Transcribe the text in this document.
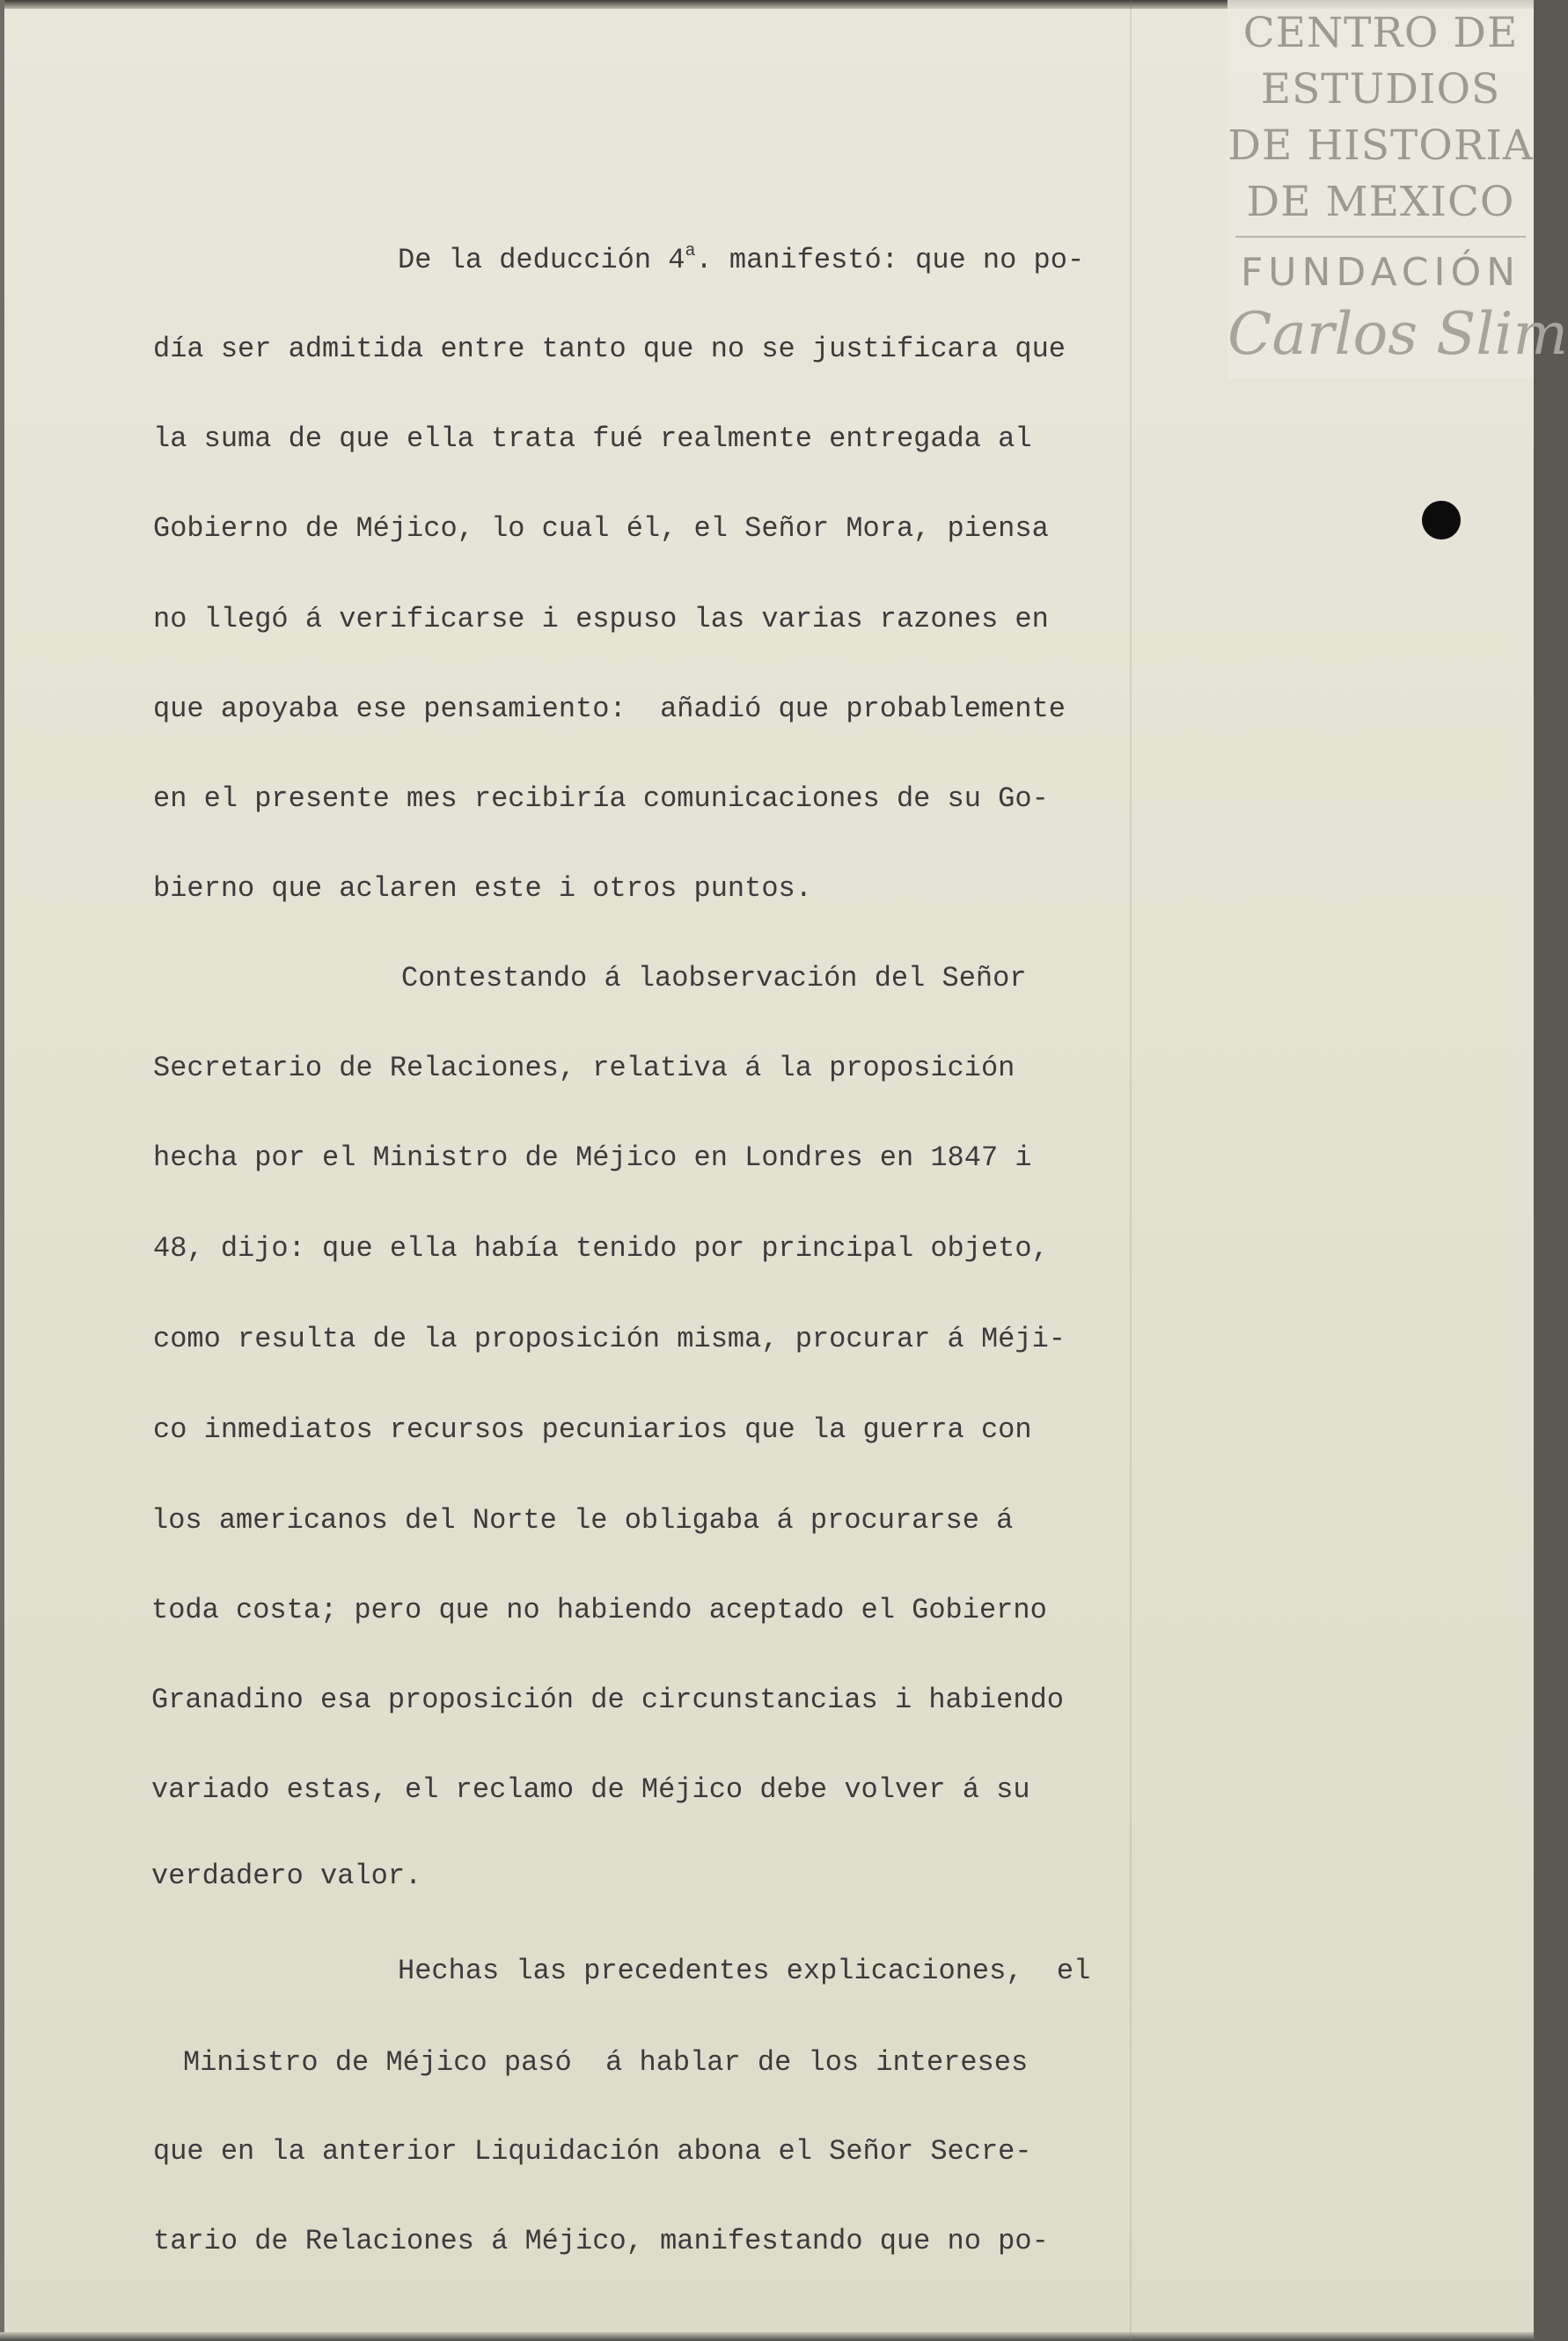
CENTRO DE
ESTUDIOS
DE HISTORIA
DE MEXICO
FUNDACIÓN
Carlos Slim

De la deducción 4$^a$. manifestó: que no po-

día ser admitida entre tanto que no se justificara que

la suma de que ella trata fué realmente entregada al

Gobierno de Méjico, lo cual él, el Señor Mora, piensa

no llegó á verificarse i espuso las varias razones en

que apoyaba ese pensamiento:  añadió que probablemente

en el presente mes recibiría comunicaciones de su Go-

bierno que aclaren este i otros puntos.

Contestando á laobservación del Señor

Secretario de Relaciones, relativa á la proposición

hecha por el Ministro de Méjico en Londres en 1847 i

48, dijo: que ella había tenido por principal objeto,

como resulta de la proposición misma, procurar á Méji-

co inmediatos recursos pecuniarios que la guerra con

los americanos del Norte le obligaba á procurarse á

toda costa; pero que no habiendo aceptado el Gobierno

Granadino esa proposición de circunstancias i habiendo

variado estas, el reclamo de Méjico debe volver á su

verdadero valor.

Hechas las precedentes explicaciones,  el

Ministro de Méjico pasó  á hablar de los intereses

que en la anterior Liquidación abona el Señor Secre-

tario de Relaciones á Méjico, manifestando que no po-
